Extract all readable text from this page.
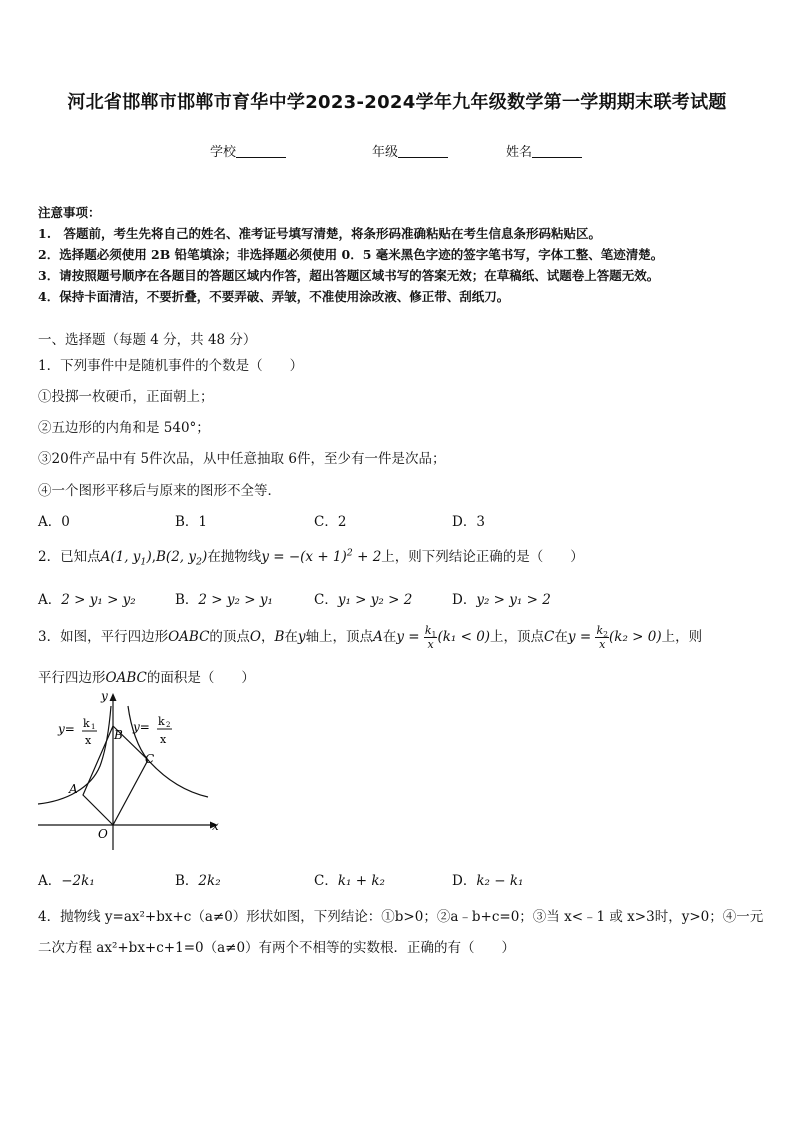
河北省邯郸市邯郸市育华中学2023-2024学年九年级数学第一学期期末联考试题
学校	年级	姓名
注意事项：
1.　答题前，考生先将自己的姓名、准考证号填写清楚，将条形码准确粘贴在考生信息条形码粘贴区。
2．选择题必须使用 2B 铅笔填涂；非选择题必须使用 0．5 毫米黑色字迹的签字笔书写，字体工整、笔迹清楚。
3．请按照题号顺序在各题目的答题区域内作答，超出答题区域书写的答案无效；在草稿纸、试题卷上答题无效。
4．保持卡面清洁，不要折叠，不要弄破、弄皱，不准使用涂改液、修正带、刮纸刀。
一、选择题（每题 4 分，共 48 分）
1．下列事件中是随机事件的个数是（　　）
①投掷一枚硬币，正面朝上；
②五边形的内角和是 540°；
③20件产品中有 5件次品，从中任意抽取 6件，至少有一件是次品；
④一个图形平移后与原来的图形不全等．
A．0	B．1	C．2	D．3
2．已知点A(1, $y_1),B(2$, $y_2$)在抛物线$y = -(x + 1)^2 + 2$上，则下列结论正确的是（　　）
A．2 > y₁ > y₂	B．2 > y₂ > y₁	C．y₁ > y₂ > 2	D．y₂ > y₁ > 2
3．如图，平行四边形OABC的顶点O，B在y轴上，顶点A在$y = \frac{k_1}{x} (k_1 < 0)$上，顶点C在$y = \frac{k_2}{x} (k_2 > 0)$上，则
平行四边形OABC的面积是（　　）
y
x
O
A
B
C
y= k 1
x
y= k 2
x
A．−2k₁	B．2k₂	C．k₁ + k₂	D．k₂ − k₁
4．抛物线 y=ax²+bx+c（a≠0）形状如图，下列结论：①b>0；②a﹣b+c=0；③当 x<﹣1 或 x>3时，y>0；④一元
二次方程 ax²+bx+c+1=0（a≠0）有两个不相等的实数根．正确的有（　　）
